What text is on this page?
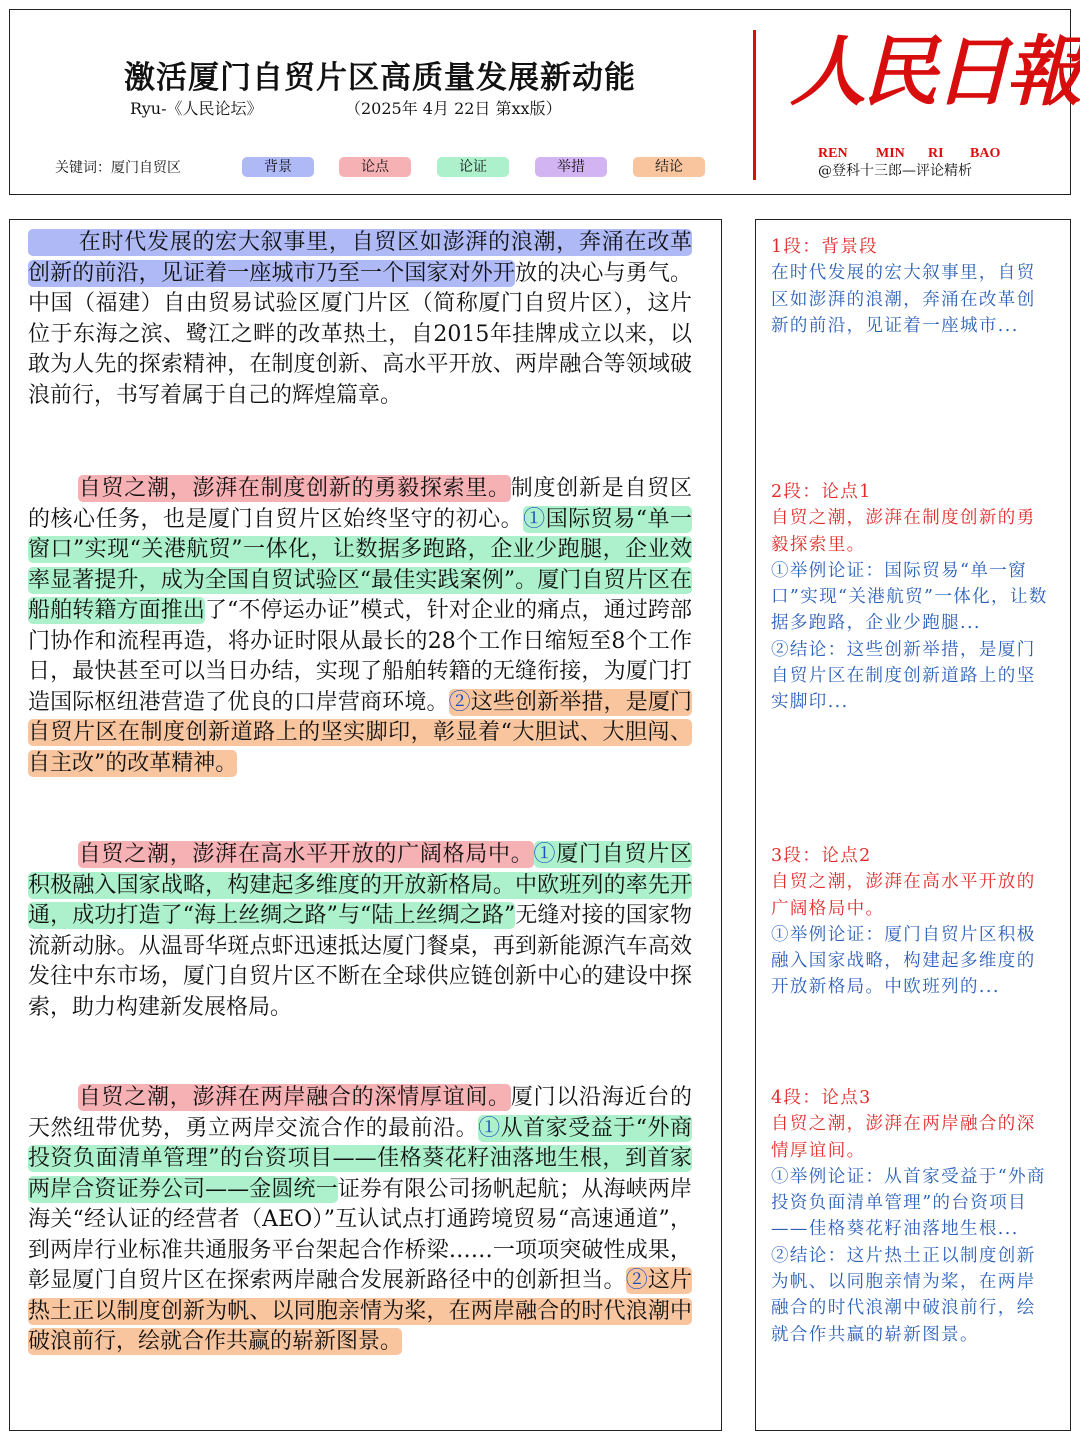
激活厦门自贸片区高质量发展新动能
Ryu-《人民论坛》	（2025年 4月 22日 第xx版）
关键词：厦门自贸区	背景	论点	论证	举措	结论
人民日報
REN MIN RI BAO
@登科十三郎—评论精析
在时代发展的宏大叙事里，自贸区如澎湃的浪潮，奔涌在改革创新的前沿，见证着一座城市乃至一个国家对外开放的决心与勇气。中国（福建）自由贸易试验区厦门片区（简称厦门自贸片区），这片位于东海之滨、鹭江之畔的改革热土，自2015年挂牌成立以来，以敢为人先的探索精神，在制度创新、高水平开放、两岸融合等领域破浪前行，书写着属于自己的辉煌篇章。
自贸之潮，澎湃在制度创新的勇毅探索里。制度创新是自贸区的核心任务，也是厦门自贸片区始终坚守的初心。①国际贸易“单一窗口”实现“关港航贸”一体化，让数据多跑路，企业少跑腿，企业效率显著提升，成为全国自贸试验区“最佳实践案例”。厦门自贸片区在船舶转籍方面推出了“不停运办证”模式，针对企业的痛点，通过跨部门协作和流程再造，将办证时限从最长的28个工作日缩短至8个工作日，最快甚至可以当日办结，实现了船舶转籍的无缝衔接，为厦门打造国际枢纽港营造了优良的口岸营商环境。②这些创新举措，是厦门自贸片区在制度创新道路上的坚实脚印，彰显着“大胆试、大胆闯、自主改”的改革精神。
自贸之潮，澎湃在高水平开放的广阔格局中。①厦门自贸片区积极融入国家战略，构建起多维度的开放新格局。中欧班列的率先开通，成功打造了“海上丝绸之路”与“陆上丝绸之路”无缝对接的国家物流新动脉。从温哥华斑点虾迅速抵达厦门餐桌，再到新能源汽车高效发往中东市场，厦门自贸片区不断在全球供应链创新中心的建设中探索，助力构建新发展格局。
自贸之潮，澎湃在两岸融合的深情厚谊间。厦门以沿海近台的天然纽带优势，勇立两岸交流合作的最前沿。①从首家受益于“外商投资负面清单管理”的台资项目——佳格葵花籽油落地生根，到首家两岸合资证券公司——金圆统一证券有限公司扬帆起航；从海峡两岸海关“经认证的经营者（AEO）”互认试点打通跨境贸易“高速通道”，到两岸行业标准共通服务平台架起合作桥梁……一项项突破性成果，彰显厦门自贸片区在探索两岸融合发展新路径中的创新担当。②这片热土正以制度创新为帆、以同胞亲情为桨，在两岸融合的时代浪潮中破浪前行，绘就合作共赢的崭新图景。
1段：背景段
在时代发展的宏大叙事里，自贸区如澎湃的浪潮，奔涌在改革创新的前沿，见证着一座城市...
2段：论点1
自贸之潮，澎湃在制度创新的勇毅探索里。
①举例论证：国际贸易“单一窗口”实现“关港航贸”一体化，让数据多跑路，企业少跑腿...
②结论：这些创新举措，是厦门自贸片区在制度创新道路上的坚实脚印...
3段：论点2
自贸之潮，澎湃在高水平开放的广阔格局中。
①举例论证：厦门自贸片区积极融入国家战略，构建起多维度的开放新格局。中欧班列的...
4段：论点3
自贸之潮，澎湃在两岸融合的深情厚谊间。
①举例论证：从首家受益于“外商投资负面清单管理”的台资项目——佳格葵花籽油落地生根...
②结论：这片热土正以制度创新为帆、以同胞亲情为桨，在两岸融合的时代浪潮中破浪前行，绘就合作共赢的崭新图景。
